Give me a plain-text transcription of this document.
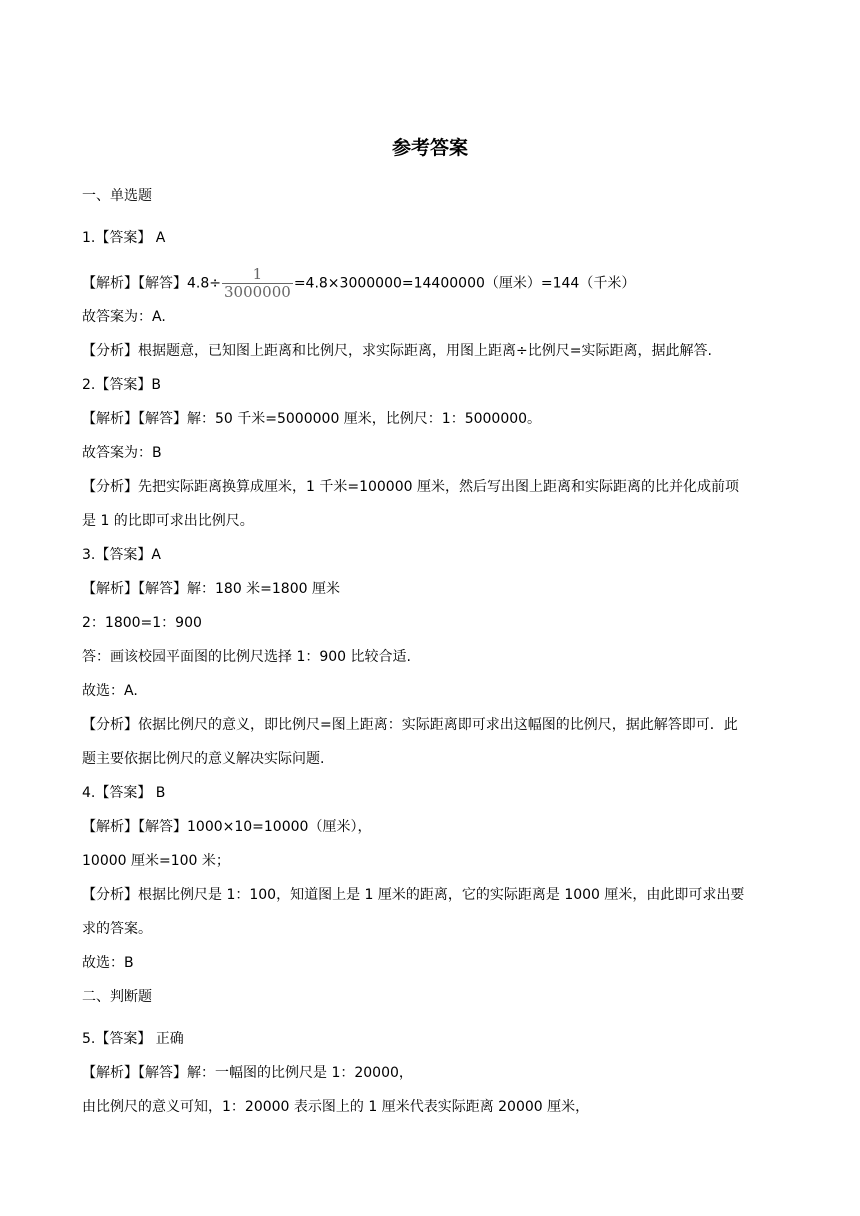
参考答案
一、单选题
1.【答案】 A
【解析】【解答】$4.8\div \frac{1}{3000000} =4.8\times 3000000=14400000$（厘米）=144（千米）
故答案为：A.
【分析】根据题意，已知图上距离和比例尺，求实际距离，用图上距离÷比例尺=实际距离，据此解答.
2.【答案】B
【解析】【解答】解：50 千米=5000000 厘米，比例尺：1：5000000。
故答案为：B
【分析】先把实际距离换算成厘米，1 千米=100000 厘米，然后写出图上距离和实际距离的比并化成前项
是 1 的比即可求出比例尺。
3.【答案】A
【解析】【解答】解：180 米=1800 厘米
2：1800=1：900
答：画该校园平面图的比例尺选择 1：900 比较合适.
故选：A.
【分析】依据比例尺的意义，即比例尺=图上距离：实际距离即可求出这幅图的比例尺，据此解答即可．此
题主要依据比例尺的意义解决实际问题.
4.【答案】 B
【解析】【解答】1000×10=10000（厘米），
10000 厘米=100 米；
【分析】根据比例尺是 1：100，知道图上是 1 厘米的距离，它的实际距离是 1000 厘米，由此即可求出要
求的答案。
故选：B
二、判断题
5.【答案】 正确
【解析】【解答】解：一幅图的比例尺是 1：20000，
由比例尺的意义可知，1：20000 表示图上的 1 厘米代表实际距离 20000 厘米，
